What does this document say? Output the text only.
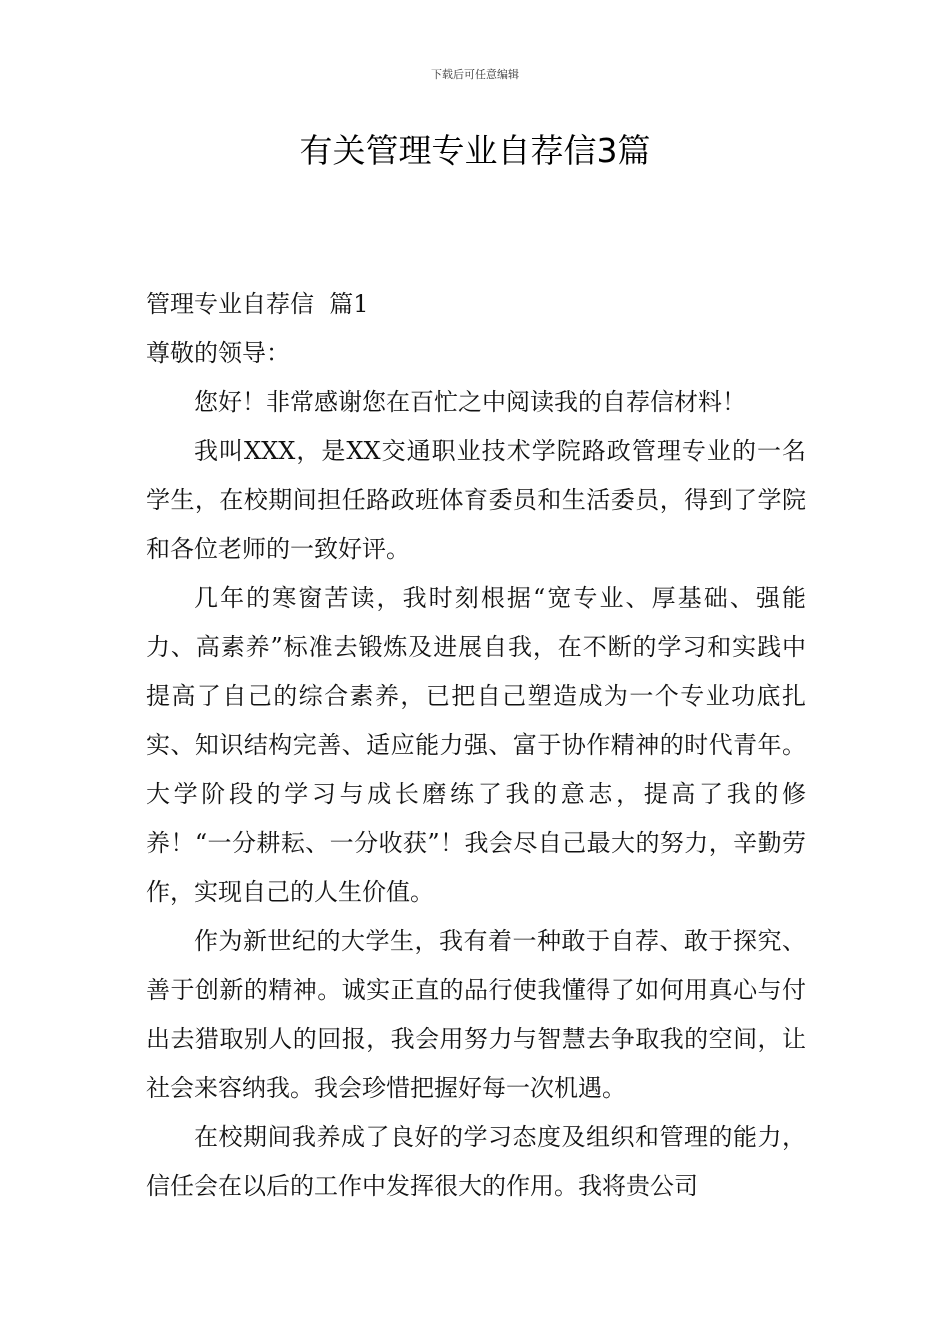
下载后可任意编辑
有关管理专业自荐信3篇

管理专业自荐信  篇1

尊敬的领导：

您好！非常感谢您在百忙之中阅读我的自荐信材料！

我叫XXX，是XX交通职业技术学院路政管理专业的一名学生，在校期间担任路政班体育委员和生活委员，得到了学院和各位老师的一致好评。

几年的寒窗苦读，我时刻根据“宽专业、厚基础、强能力、高素养”标准去锻炼及进展自我，在不断的学习和实践中提高了自己的综合素养，已把自己塑造成为一个专业功底扎实、知识结构完善、适应能力强、富于协作精神的时代青年。大学阶段的学习与成长磨练了我的意志，提高了我的修养！“一分耕耘、一分收获”！我会尽自己最大的努力，辛勤劳作，实现自己的人生价值。

作为新世纪的大学生，我有着一种敢于自荐、敢于探究、善于创新的精神。诚实正直的品行使我懂得了如何用真心与付出去猎取别人的回报，我会用努力与智慧去争取我的空间，让社会来容纳我。我会珍惜把握好每一次机遇。

在校期间我养成了良好的学习态度及组织和管理的能力，信任会在以后的工作中发挥很大的作用。我将贵公司
